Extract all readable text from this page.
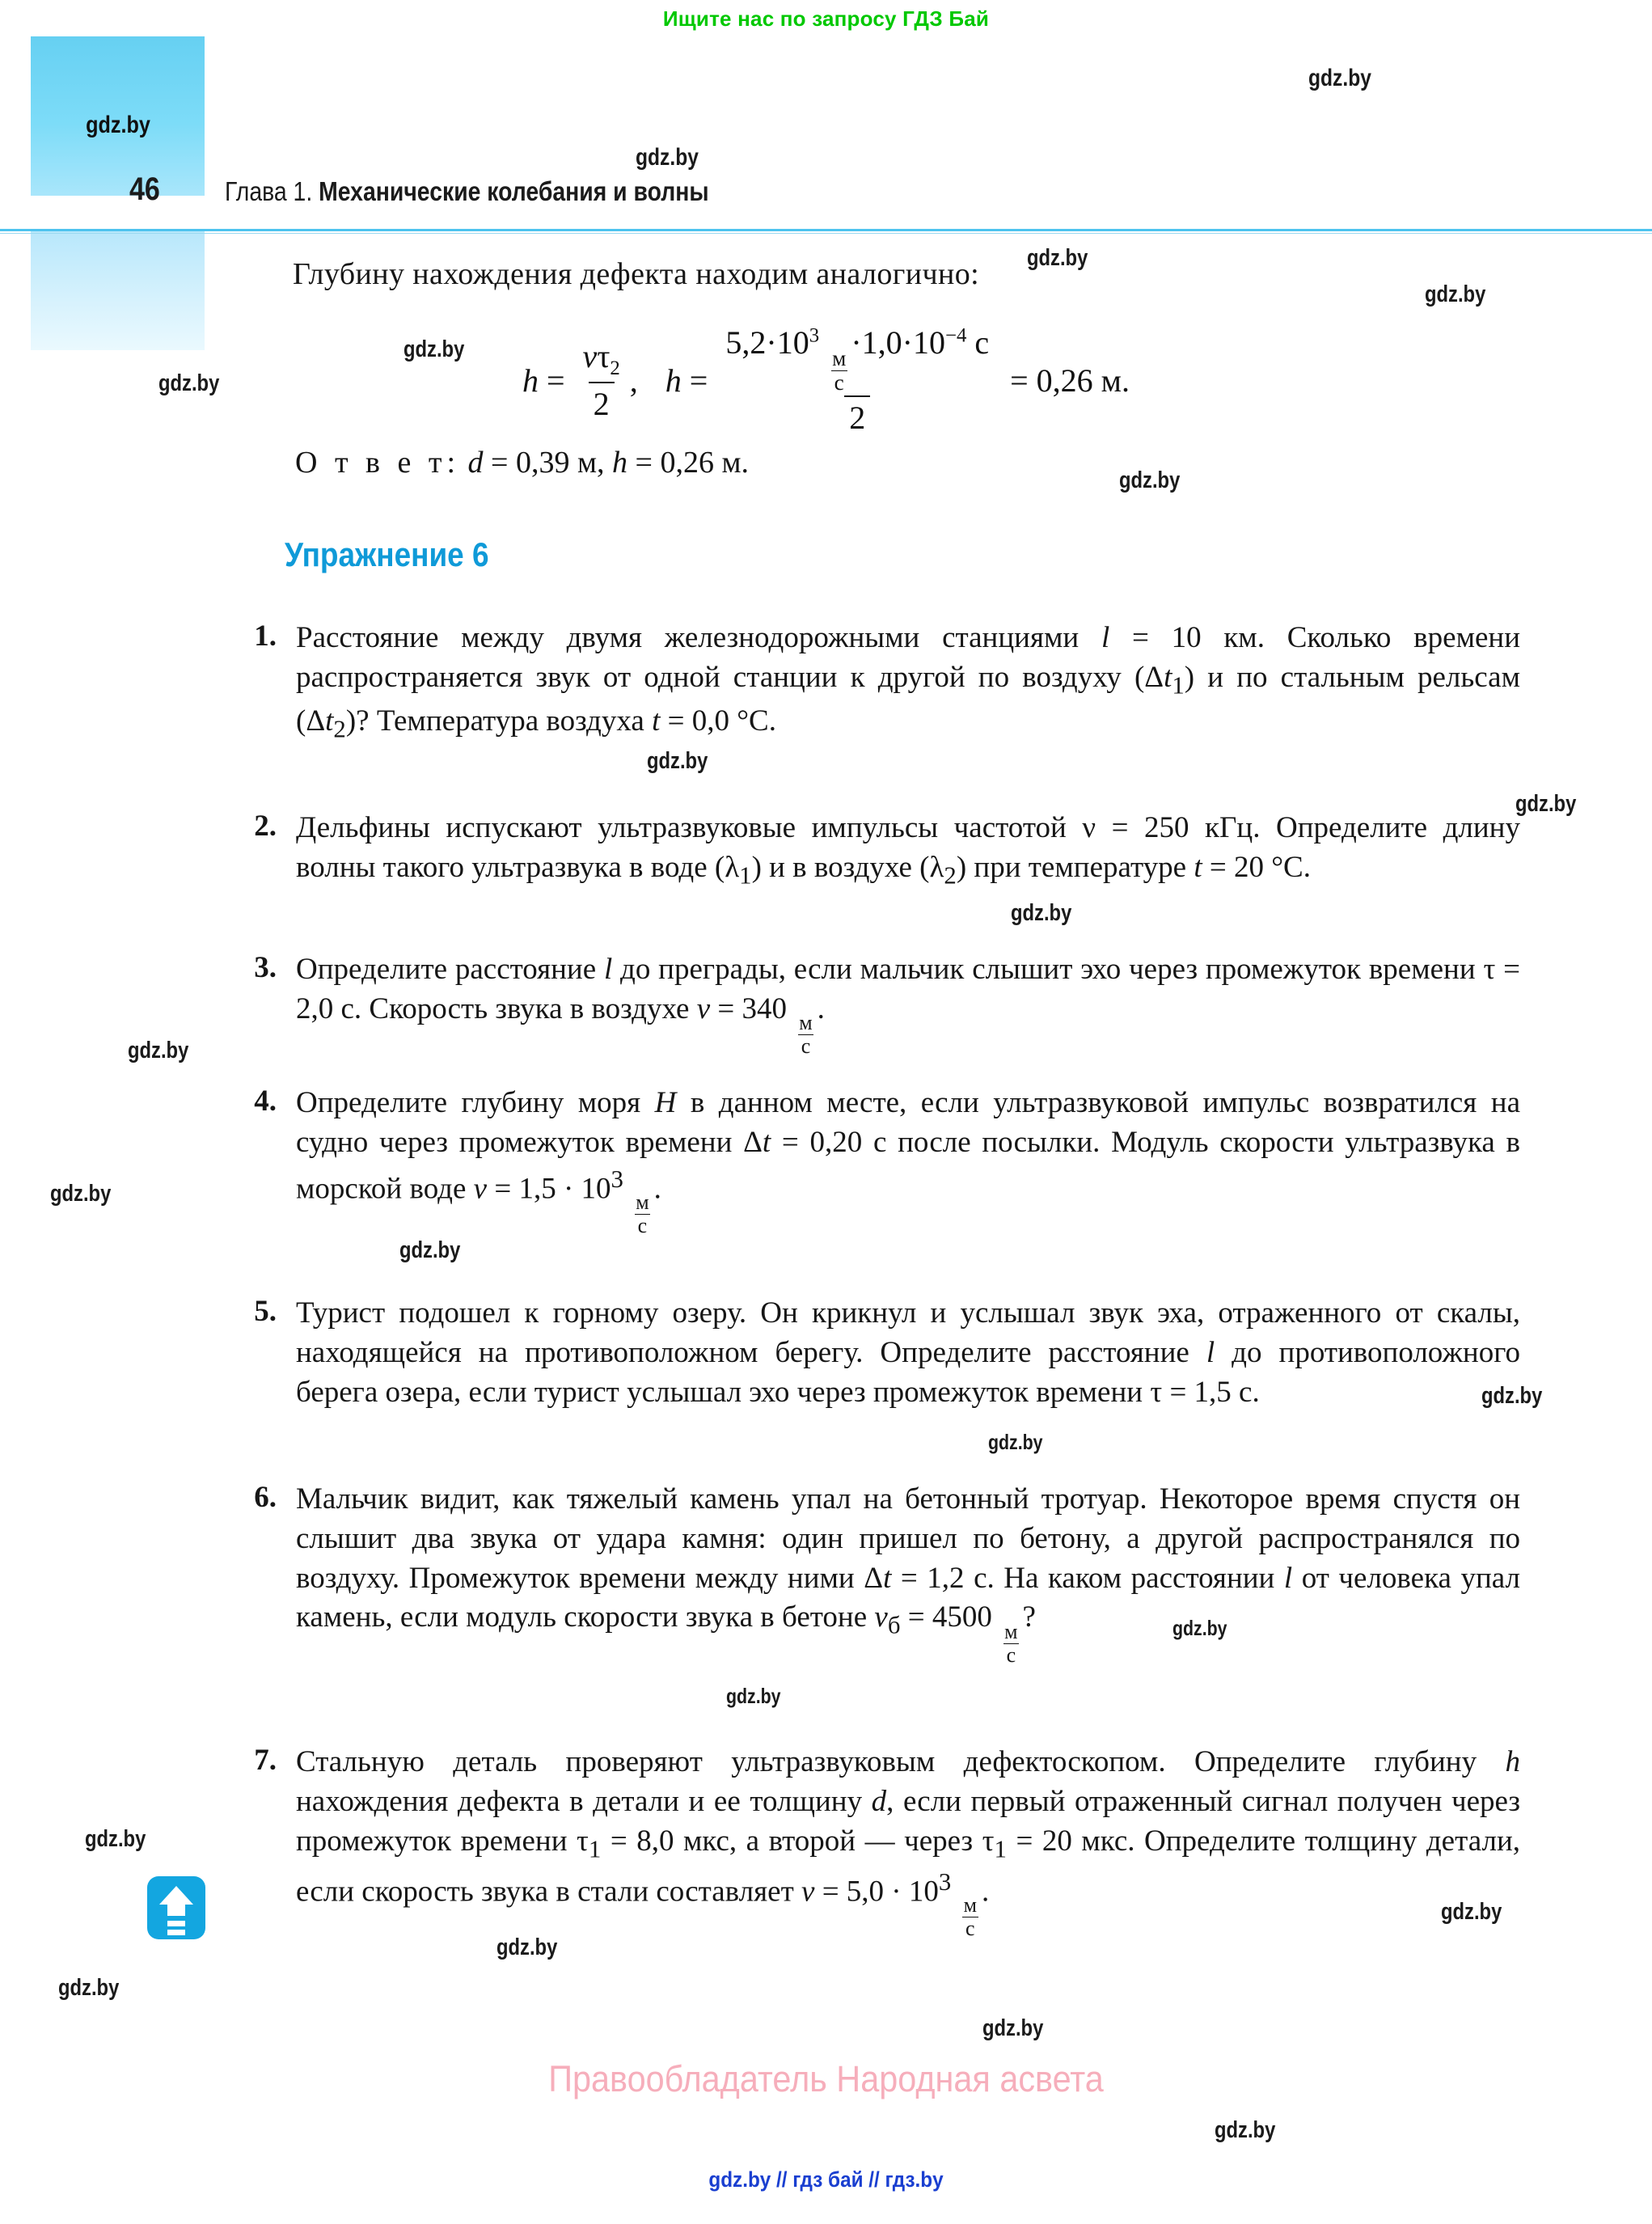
Ищите нас по запросу ГДЗ Бай
gdz.by
46 Глава 1. Механические колебания и волны
Глубину нахождения дефекта находим аналогично:
$h = \frac{v\tau_2}{2}$ , h =
$5,2\cdot 10^3$
м
с
$\cdot 1,0\cdot 10^{-4}$ с
2
= 0,26 м.
О т в е т: d = 0,39 м, h = 0,26 м.
Упражнение 6
1. Расстояние между двумя железнодорожными станциями l = 10 км. Сколько времени распространяется звук от одной станции к другой по воздуху $(\Delta t_1)$ и по стальным рельсам $(\Delta t_2)$? Температура воздуха t = 0,0 °C.
2. Дельфины испускают ультразвуковые импульсы частотой ν = 250 кГц. Определите длину волны такого ультразвука в воде $(\lambda_1)$ и в воздухе $(\lambda_2)$ при температуре t = 20 °C.
3. Определите расстояние l до преграды, если мальчик слышит эхо через промежуток времени τ = 2,0 с. Скорость звука в воздухе v = 340 м
с
.
4. Определите глубину моря H в данном месте, если ультразвуковой импульс возвратился на судно через промежуток времени Δt = 0,20 с после посылки. Модуль скорости ультразвука в морской воде $v = 1,5 \cdot 10^3$
м
с
.
5. Турист подошел к горному озеру. Он крикнул и услышал звук эха, отраженного от скалы, находящейся на противоположном берегу. Определите расстояние l до противоположного берега озера, если турист услышал эхо через промежуток времени τ = 1,5 с.
6. Мальчик видит, как тяжелый камень упал на бетонный тротуар. Некоторое время спустя он слышит два звука от удара камня: один пришел по бетону, а другой распространялся по воздуху. Промежуток времени между ними Δt = 1,2 с. На каком расстоянии l от человека упал камень, если модуль скорости звука в бетоне $v_б = 4500$ м
с
?
7. Стальную деталь проверяют ультразвуковым дефектоскопом. Определите глубину h нахождения дефекта в детали и ее толщину d, если первый отраженный сигнал получен через промежуток времени $\tau_1 = 8,0$ мкс, а второй — через $\tau_1 = 20$ мкс. Определите толщину детали, если скорость звука в стали составляет $v = 5,0 \cdot 10^3$
м
с
.
Правообладатель Народная асвета
gdz.by // гдз бай // гдз.by
gdz.by
gdz.by
gdz.by
gdz.by
gdz.by
gdz.by
gdz.by
gdz.by
gdz.by
gdz.by
gdz.by
gdz.by
gdz.by
gdz.by
gdz.by
gdz.by
gdz.by
gdz.by
gdz.by
gdz.by
gdz.by
gdz.by
gdz.by
